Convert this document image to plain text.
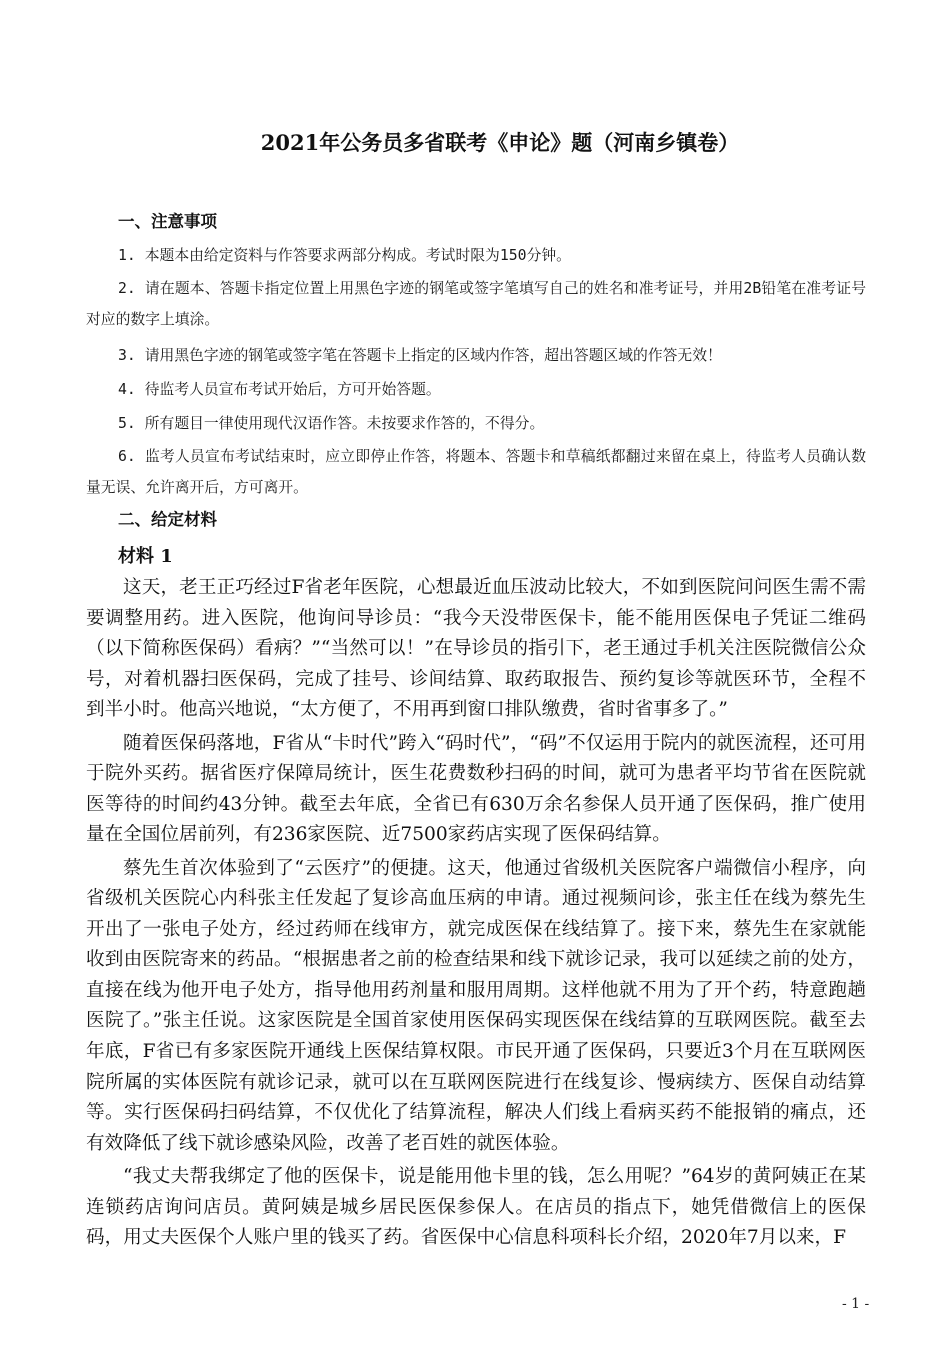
2021年公务员多省联考《申论》题（河南乡镇卷）
一、注意事项

1. 本题本由给定资料与作答要求两部分构成。考试时限为150分钟。

2. 请在题本、答题卡指定位置上用黑色字迹的钢笔或签字笔填写自己的姓名和准考证号，并用2B铅笔在准考证号对应的数字上填涂。

3. 请用黑色字迹的钢笔或签字笔在答题卡上指定的区域内作答，超出答题区域的作答无效！

4. 待监考人员宣布考试开始后，方可开始答题。

5. 所有题目一律使用现代汉语作答。未按要求作答的，不得分。

6. 监考人员宣布考试结束时，应立即停止作答，将题本、答题卡和草稿纸都翻过来留在桌上，待监考人员确认数量无误、允许离开后，方可离开。

二、给定材料
材料 1

这天，老王正巧经过F省老年医院，心想最近血压波动比较大，不如到医院问问医生需不需要调整用药。进入医院，他询问导诊员：“我今天没带医保卡，能不能用医保电子凭证二维码（以下简称医保码）看病？”“当然可以！”在导诊员的指引下，老王通过手机关注医院微信公众号，对着机器扫医保码，完成了挂号、诊间结算、取药取报告、预约复诊等就医环节，全程不到半小时。他高兴地说，“太方便了，不用再到窗口排队缴费，省时省事多了。”

随着医保码落地，F省从“卡时代”跨入“码时代”，“码”不仅运用于院内的就医流程，还可用于院外买药。据省医疗保障局统计，医生花费数秒扫码的时间，就可为患者平均节省在医院就医等待的时间约43分钟。截至去年底，全省已有630万余名参保人员开通了医保码，推广使用量在全国位居前列，有236家医院、近7500家药店实现了医保码结算。

蔡先生首次体验到了“云医疗”的便捷。这天，他通过省级机关医院客户端微信小程序，向省级机关医院心内科张主任发起了复诊高血压病的申请。通过视频问诊，张主任在线为蔡先生开出了一张电子处方，经过药师在线审方，就完成医保在线结算了。接下来，蔡先生在家就能收到由医院寄来的药品。“根据患者之前的检查结果和线下就诊记录，我可以延续之前的处方，直接在线为他开电子处方，指导他用药剂量和服用周期。这样他就不用为了开个药，特意跑趟医院了。”张主任说。这家医院是全国首家使用医保码实现医保在线结算的互联网医院。截至去年底，F省已有多家医院开通线上医保结算权限。市民开通了医保码，只要近3个月在互联网医院所属的实体医院有就诊记录，就可以在互联网医院进行在线复诊、慢病续方、医保自动结算等。实行医保码扫码结算，不仅优化了结算流程，解决人们线上看病买药不能报销的痛点，还有效降低了线下就诊感染风险，改善了老百姓的就医体验。

“我丈夫帮我绑定了他的医保卡，说是能用他卡里的钱，怎么用呢？”64岁的黄阿姨正在某连锁药店询问店员。黄阿姨是城乡居民医保参保人。在店员的指点下，她凭借微信上的医保码，用丈夫医保个人账户里的钱买了药。省医保中心信息科项科长介绍，2020年7月以来，F

- 1 -
